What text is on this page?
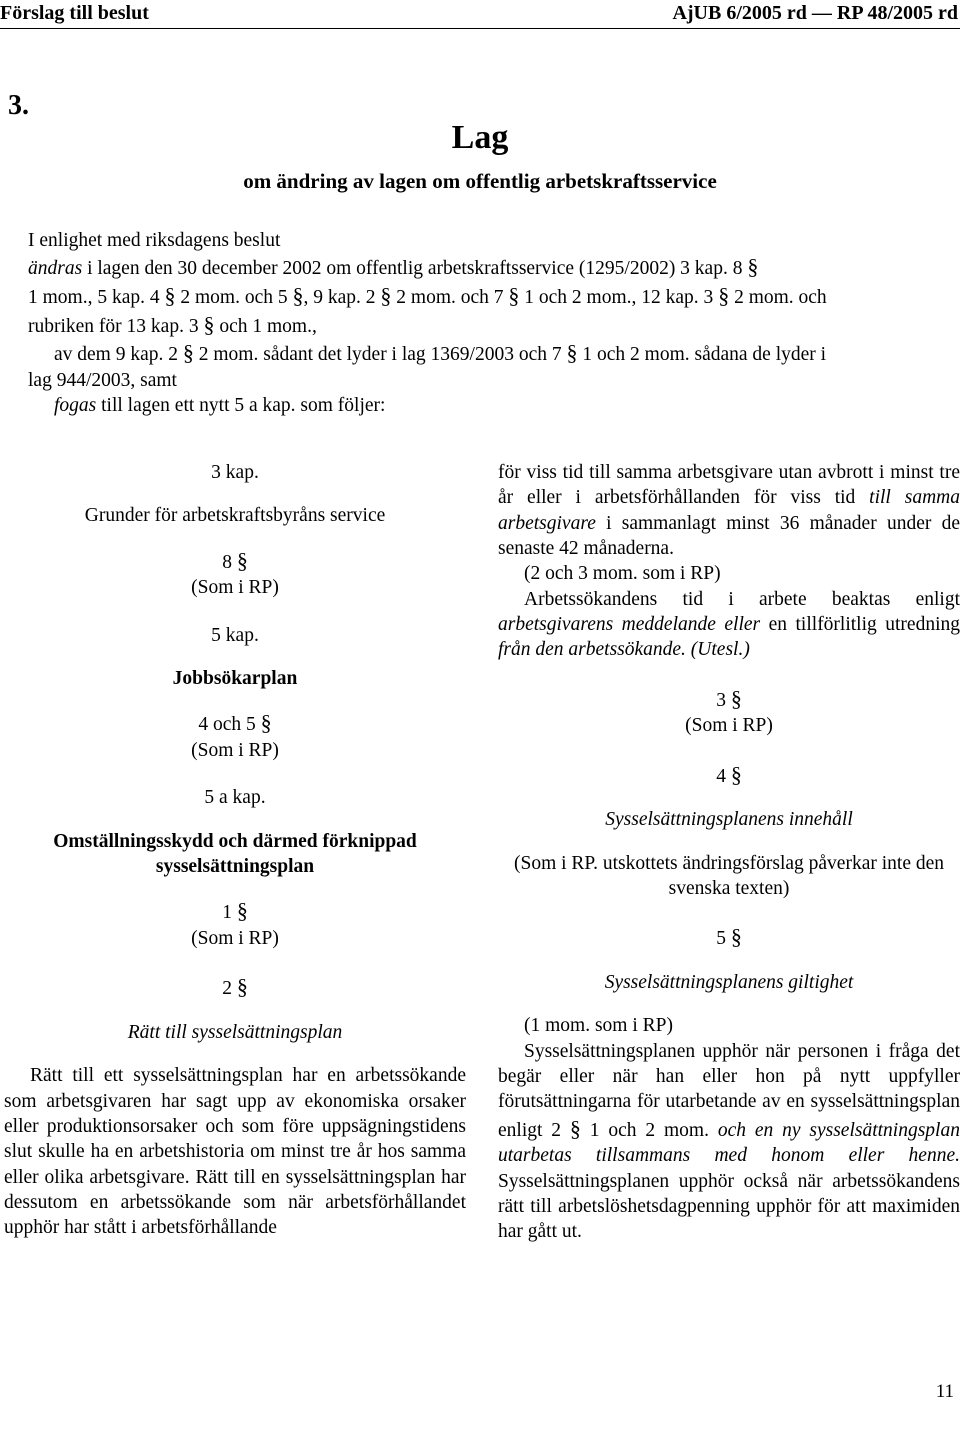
Förslag till beslut	AjUB 6/2005 rd — RP 48/2005 rd
3.
Lag
om ändring av lagen om offentlig arbetskraftsservice
I enlighet med riksdagens beslut
ändras i lagen den 30 december 2002 om offentlig arbetskraftsservice (1295/2002) 3 kap. 8 §
1 mom., 5 kap. 4 § 2 mom. och 5 §, 9 kap. 2 § 2 mom. och 7 § 1 och 2 mom., 12 kap. 3 § 2 mom. och
rubriken för 13 kap. 3 § och 1 mom.,
av dem 9 kap. 2 § 2 mom. sådant det lyder i lag 1369/2003 och 7 § 1 och 2 mom. sådana de lyder i
lag 944/2003, samt
fogas till lagen ett nytt 5 a kap. som följer:
3 kap.
Grunder för arbetskraftsbyråns service
8 §
(Som i RP)
5 kap.
Jobbsökarplan
4 och 5 §
(Som i RP)
5 a kap.
Omställningsskydd och därmed förknippad sysselsättningsplan
1 §
(Som i RP)
2 §
Rätt till sysselsättningsplan
Rätt till ett sysselsättningsplan har en arbetssökande som arbetsgivaren har sagt upp av ekonomiska orsaker eller produktionsorsaker och som före uppsägningstidens slut skulle ha en arbetshistoria om minst tre år hos samma eller olika arbetsgivare. Rätt till en sysselsättningsplan har dessutom en arbetssökande som när arbetsförhållandet upphör har stått i arbetsförhållande
för viss tid till samma arbetsgivare utan avbrott i minst tre år eller i arbetsförhållanden för viss tid till samma arbetsgivare i sammanlagt minst 36 månader under de senaste 42 månaderna.
(2 och 3 mom. som i RP)
Arbetssökandens tid i arbete beaktas enligt arbetsgivarens meddelande eller en tillförlitlig utredning från den arbetssökande. (Utesl.)
3 §
(Som i RP)
4 §
Sysselsättningsplanens innehåll
(Som i RP. utskottets ändringsförslag påverkar inte den svenska texten)
5 §
Sysselsättningsplanens giltighet
(1 mom. som i RP)
Sysselsättningsplanen upphör när personen i fråga det begär eller när han eller hon på nytt uppfyller förutsättningarna för utarbetande av en sysselsättningsplan enligt 2 § 1 och 2 mom. och en ny sysselsättningsplan utarbetas tillsammans med honom eller henne. Sysselsättningsplanen upphör också när arbetssökandens rätt till arbetslöshetsdagpenning upphör för att maximiden har gått ut.
11
